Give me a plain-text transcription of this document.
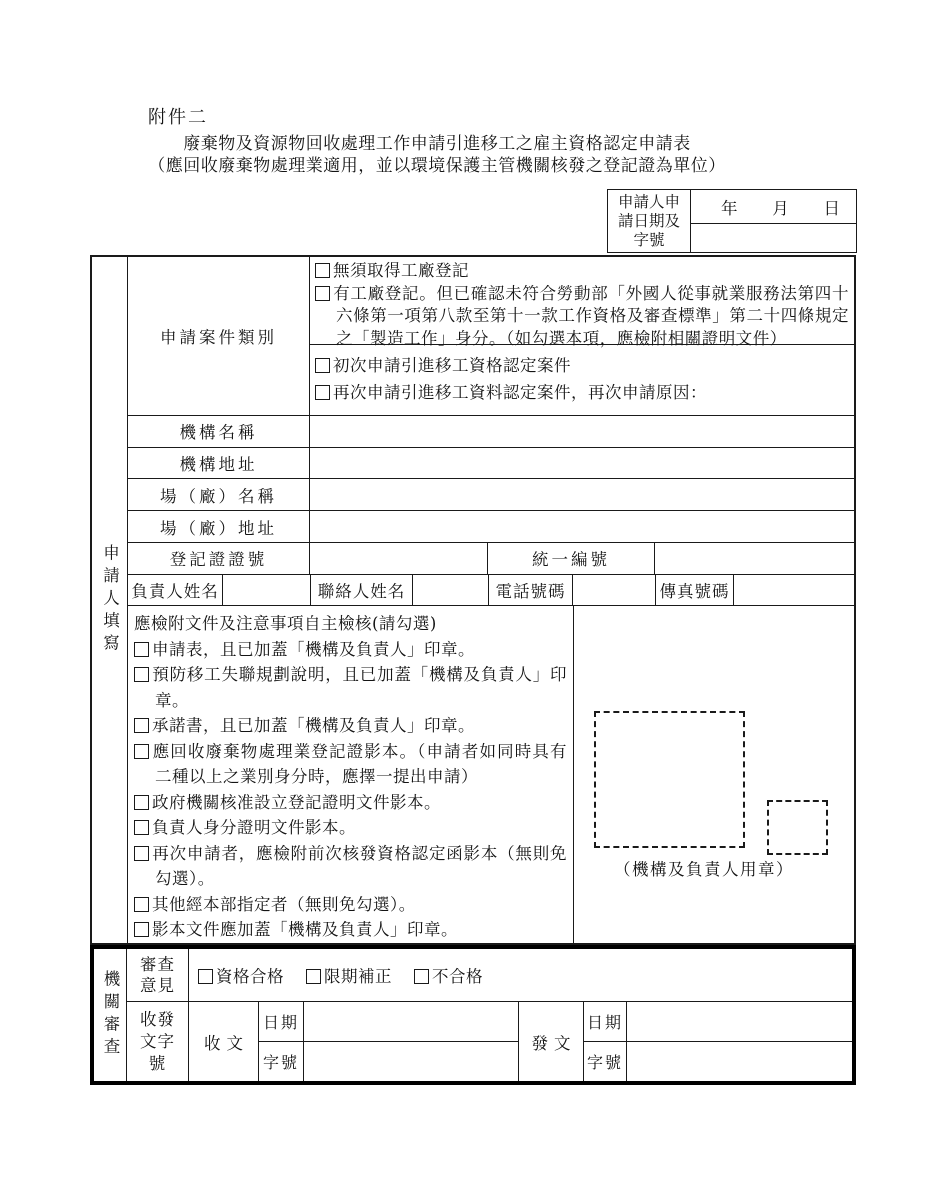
附件二
廢棄物及資源物回收處理工作申請引進移工之雇主資格認定申請表
（應回收廢棄物處理業適用，並以環境保護主管機關核發之登記證為單位）
申請人申請日期及字號
年 月 日
申請人填寫
申請案件類別
無須取得工廠登記
有工廠登記。但已確認未符合勞動部「外國人從事就業服務法第四十六條第一項第八款至第十一款工作資格及審查標準」第二十四條規定之「製造工作」身分。（如勾選本項，應檢附相關證明文件）
初次申請引進移工資格認定案件
再次申請引進移工資料認定案件，再次申請原因：
機構名稱
機構地址
場（廠）名稱
場（廠）地址
登記證證號	統一編號
負責人姓名	聯絡人姓名	電話號碼	傳真號碼
應檢附文件及注意事項自主檢核(請勾選)
申請表，且已加蓋「機構及負責人」印章。
預防移工失聯規劃說明，且已加蓋「機構及負責人」印章。
承諾書，且已加蓋「機構及負責人」印章。
應回收廢棄物處理業登記證影本。（申請者如同時具有二種以上之業別身分時，應擇一提出申請）
政府機關核准設立登記證明文件影本。
負責人身分證明文件影本。
再次申請者，應檢附前次核發資格認定函影本（無則免勾選）。
其他經本部指定者（無則免勾選）。
影本文件應加蓋「機構及負責人」印章。
（機構及負責人用章）
機關審查
審查意見	資格合格	限期補正	不合格
收發文字號
收文
日期
字號
發文
日期
字號
